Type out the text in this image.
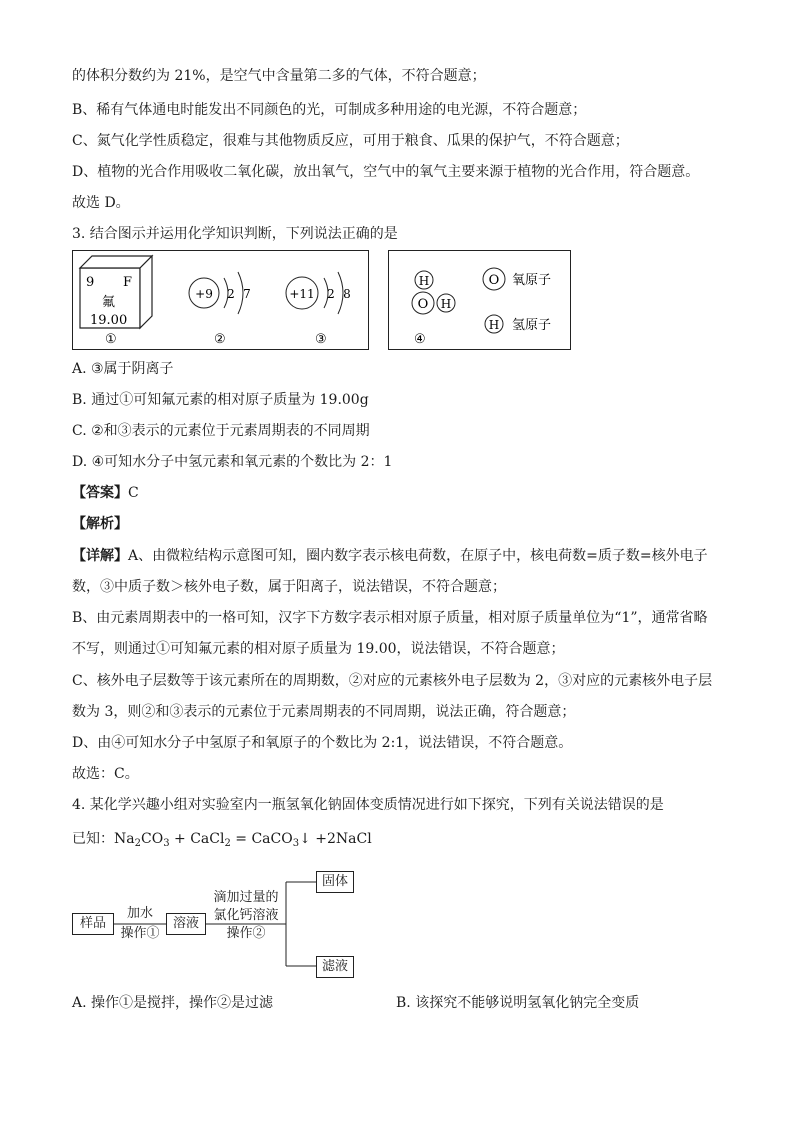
的体积分数约为 21%，是空气中含量第二多的气体，不符合题意；
B、稀有气体通电时能发出不同颜色的光，可制成多种用途的电光源，不符合题意；
C、氮气化学性质稳定，很难与其他物质反应，可用于粮食、瓜果的保护气，不符合题意；
D、植物的光合作用吸收二氧化碳，放出氧气，空气中的氧气主要来源于植物的光合作用，符合题意。
故选 D。
3. 结合图示并运用化学知识判断，下列说法正确的是
9 F
氟
19.00
①
+9 2 7
②
+11 2 8
③
H
O H
O 氧原子
H 氢原子
④
A. ③属于阴离子
B. 通过①可知氟元素的相对原子质量为 19.00g
C. ②和③表示的元素位于元素周期表的不同周期
D. ④可知水分子中氢元素和氧元素的个数比为 2：1
【答案】C
【解析】
【详解】A、由微粒结构示意图可知，圈内数字表示核电荷数，在原子中，核电荷数=质子数=核外电子
数，③中质子数＞核外电子数，属于阳离子，说法错误，不符合题意；
B、由元素周期表中的一格可知，汉字下方数字表示相对原子质量，相对原子质量单位为“1”，通常省略
不写，则通过①可知氟元素的相对原子质量为 19.00，说法错误，不符合题意；
C、核外电子层数等于该元素所在的周期数，②对应的元素核外电子层数为 2，③对应的元素核外电子层
数为 3，则②和③表示的元素位于元素周期表的不同周期，说法正确，符合题意；
D、由④可知水分子中氢原子和氧原子的个数比为 2:1，说法错误，不符合题意。
故选：C。
4. 某化学兴趣小组对实验室内一瓶氢氧化钠固体变质情况进行如下探究，下列有关说法错误的是
已知：$Na_2CO_3$ + CaCl$_2$ = CaCO$_3$↓ +2NaCl
样品
加水
操作①
溶液
滴加过量的
氯化钙溶液
操作②
固体
滤液
A. 操作①是搅拌，操作②是过滤	B. 该探究不能够说明氢氧化钠完全变质
